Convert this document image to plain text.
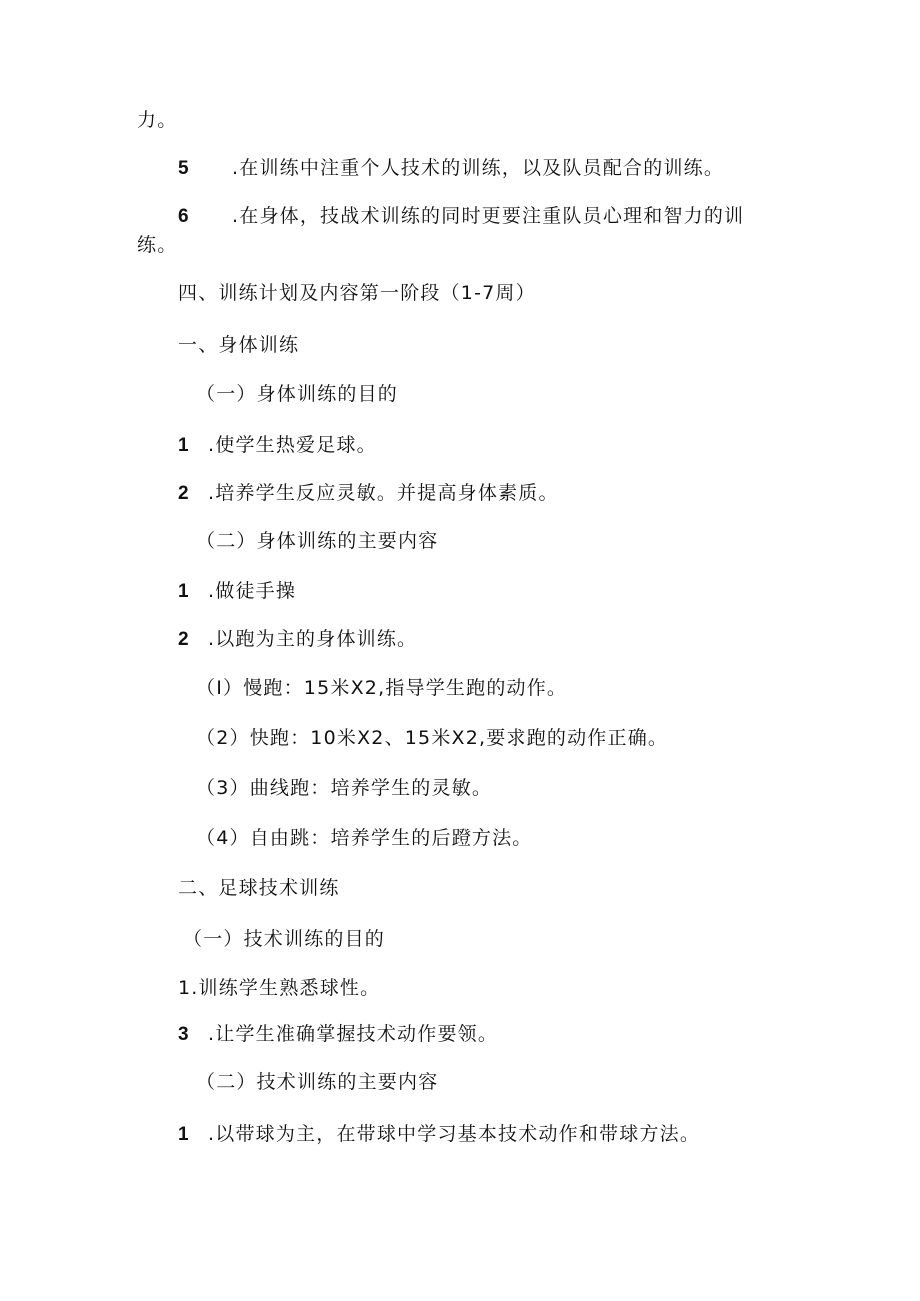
力。
5 .在训练中注重个人技术的训练，以及队员配合的训练。
6 .在身体，技战术训练的同时更要注重队员心理和智力的训
练。
四、训练计划及内容第一阶段（1-7周）
一、身体训练
（一）身体训练的目的
1 .使学生热爱足球。
2 .培养学生反应灵敏。并提高身体素质。
（二）身体训练的主要内容
1 .做徒手操
2 .以跑为主的身体训练。
（I）慢跑：15米X2,指导学生跑的动作。
（2）快跑：10米X2、15米X2,要求跑的动作正确。
（3）曲线跑：培养学生的灵敏。
（4）自由跳：培养学生的后蹬方法。
二、足球技术训练
（一）技术训练的目的
1.训练学生熟悉球性。
3 .让学生准确掌握技术动作要领。
（二）技术训练的主要内容
1 .以带球为主，在带球中学习基本技术动作和带球方法。
